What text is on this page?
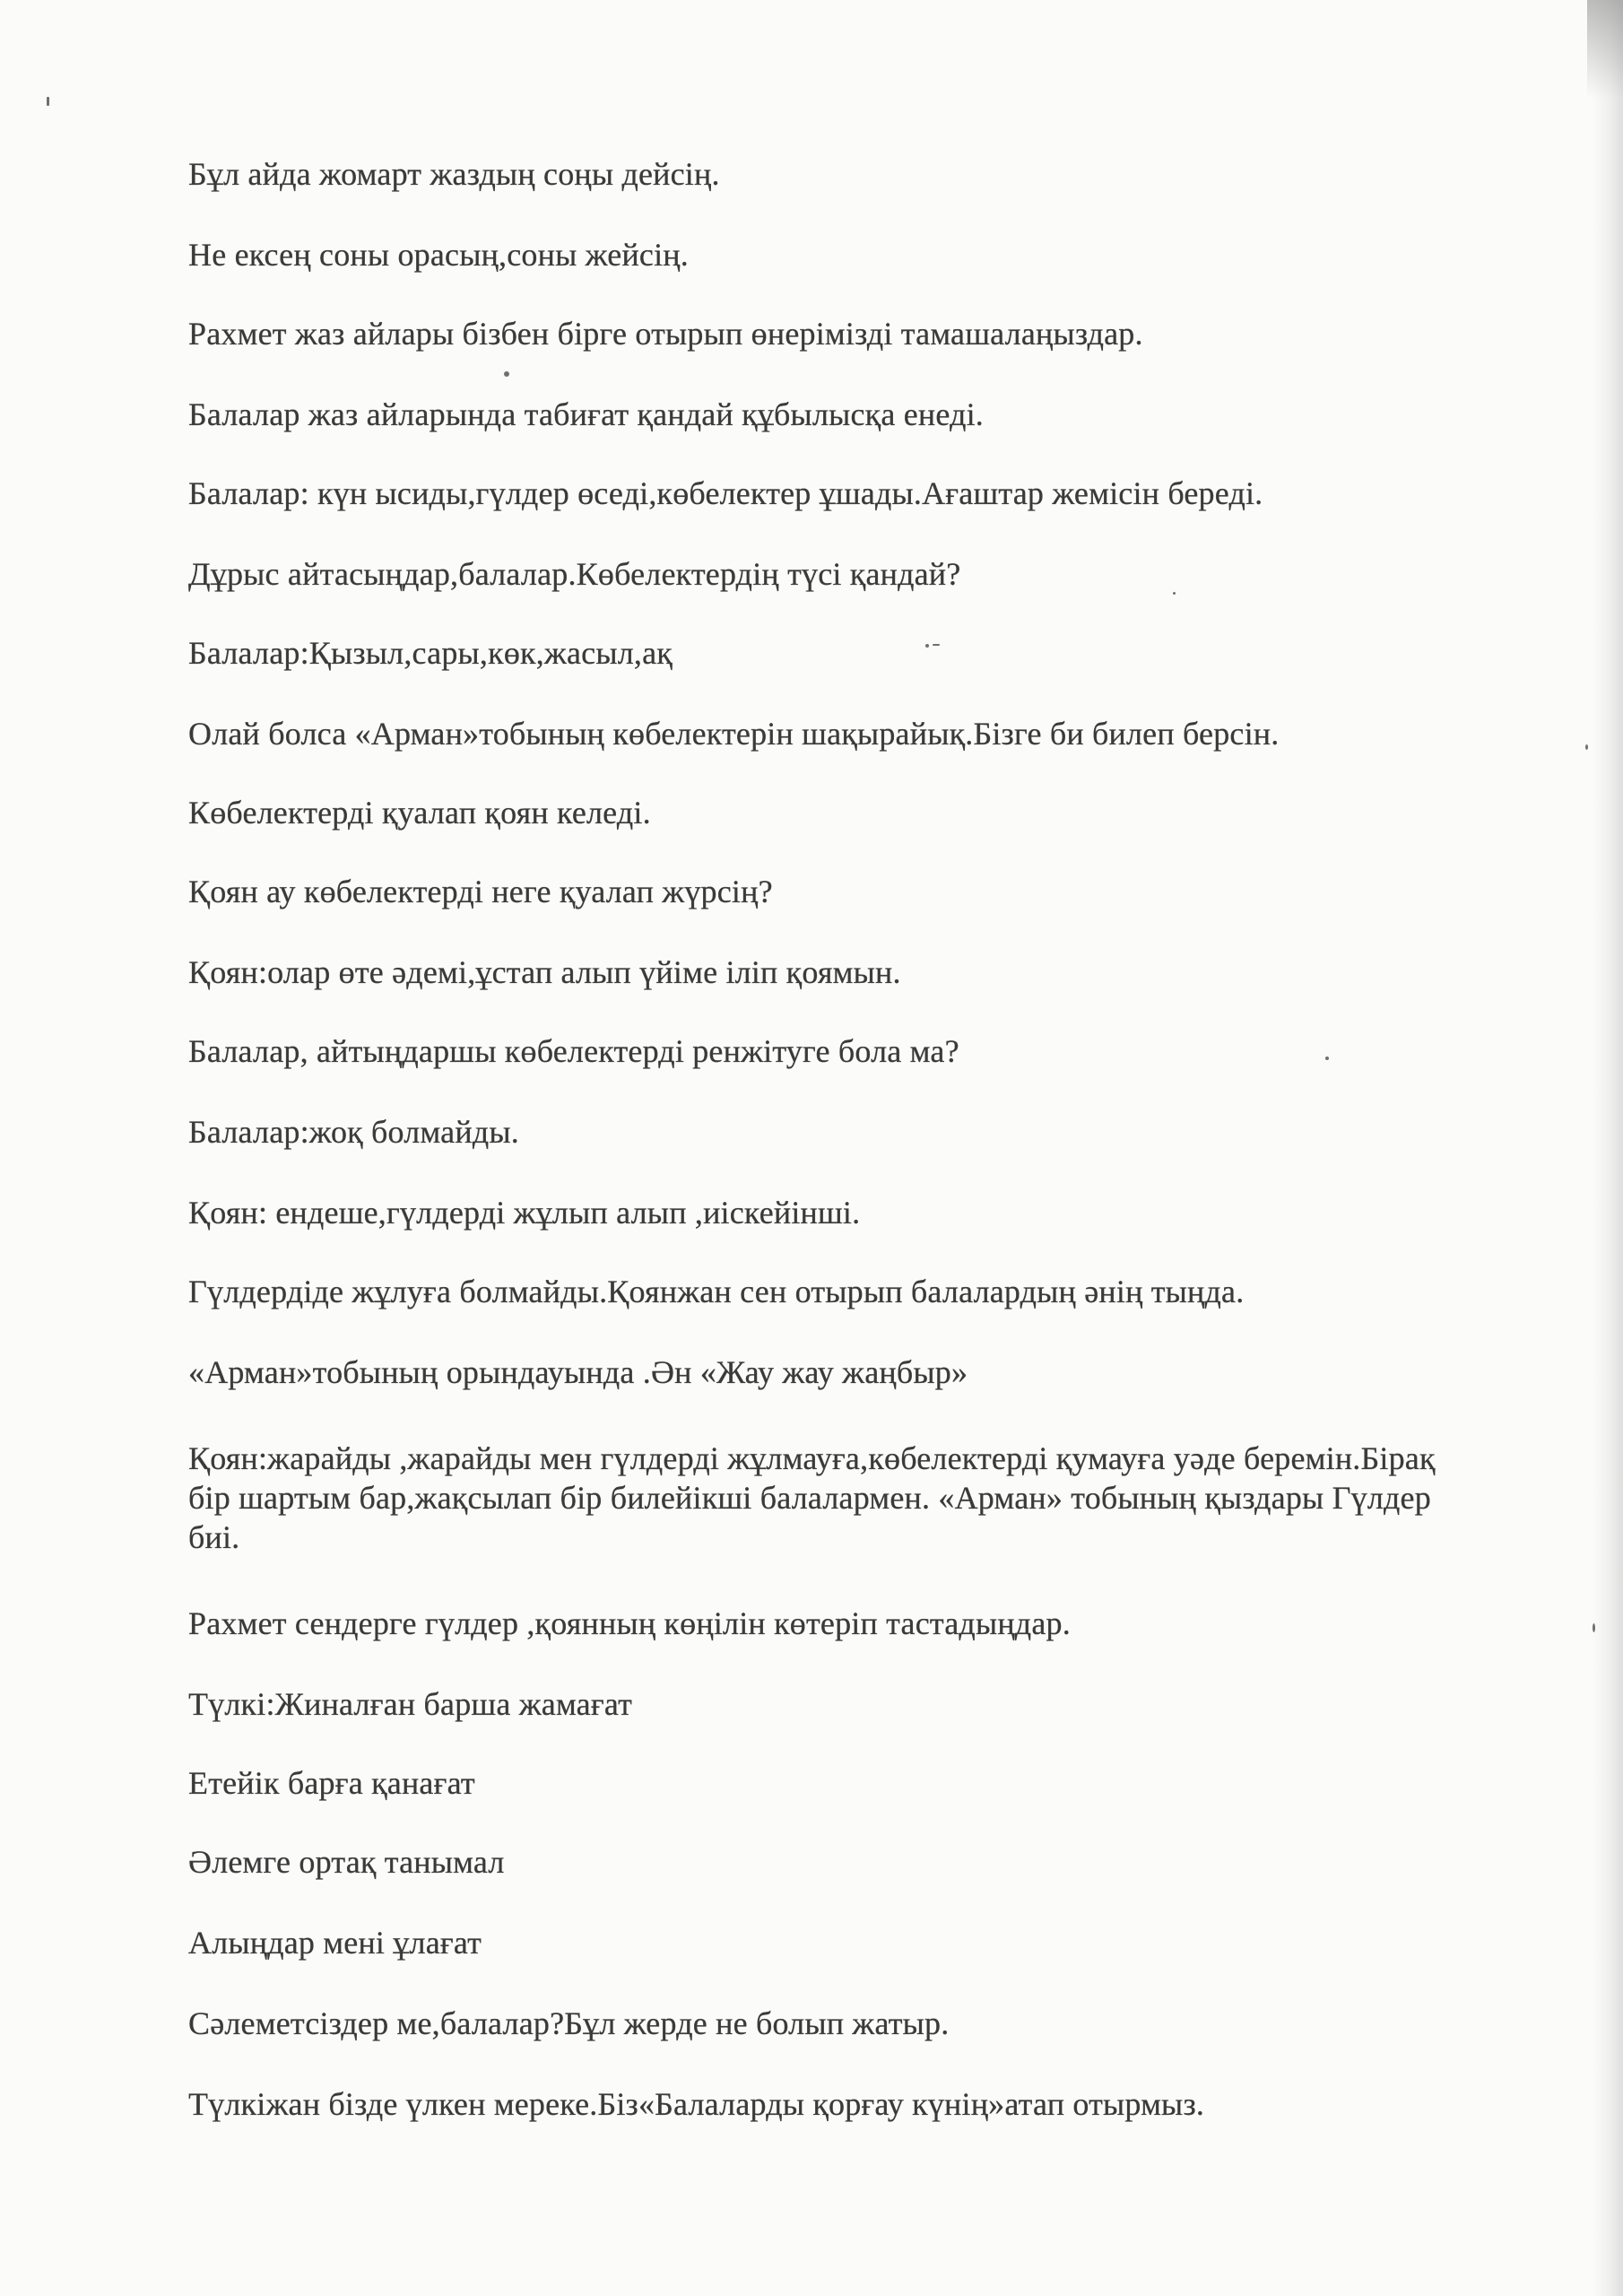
Бұл айда жомарт жаздың соңы дейсің.
Не ексең соны орасың,соны жейсің.
Рахмет жаз айлары бізбен бірге отырып өнерімізді тамашалаңыздар.
Балалар жаз айларында табиғат қандай құбылысқа енеді.
Балалар: күн ысиды,гүлдер өседі,көбелектер ұшады.Ағаштар жемісін береді.
Дұрыс айтасыңдар,балалар.Көбелектердің түсі қандай?
Балалар:Қызыл,сары,көк,жасыл,ақ
Олай болса «Арман»тобының көбелектерін шақырайық.Бізге би билеп берсін.
Көбелектерді қуалап қоян келеді.
Қоян ау көбелектерді неге қуалап жүрсің?
Қоян:олар өте әдемі,ұстап алып үйіме іліп қоямын.
Балалар, айтыңдаршы көбелектерді ренжітуге бола ма?
Балалар:жоқ болмайды.
Қоян: ендеше,гүлдерді жұлып алып ,иіскейінші.
Гүлдердіде жұлуға болмайды.Қоянжан сен отырып балалардың әнің тыңда.
«Арман»тобының орындауында .Ән «Жау жау жаңбыр»
Қоян:жарайды ,жарайды мен гүлдерді жұлмауға,көбелектерді қумауға уәде беремін.Бірақ бір шартым бар,жақсылап бір билейікші балалармен. «Арман» тобының қыздары Гүлдер биі.
Рахмет сендерге гүлдер ,қоянның көңілін көтеріп тастадыңдар.
Түлкі:Жиналған барша жамағат
Етейік барға қанағат
Әлемге ортақ танымал
Алыңдар мені ұлағат
Сәлеметсіздер ме,балалар?Бұл жерде не болып жатыр.
Түлкіжан бізде үлкен мереке.Біз«Балаларды қорғау күнің»атап отырмыз.
